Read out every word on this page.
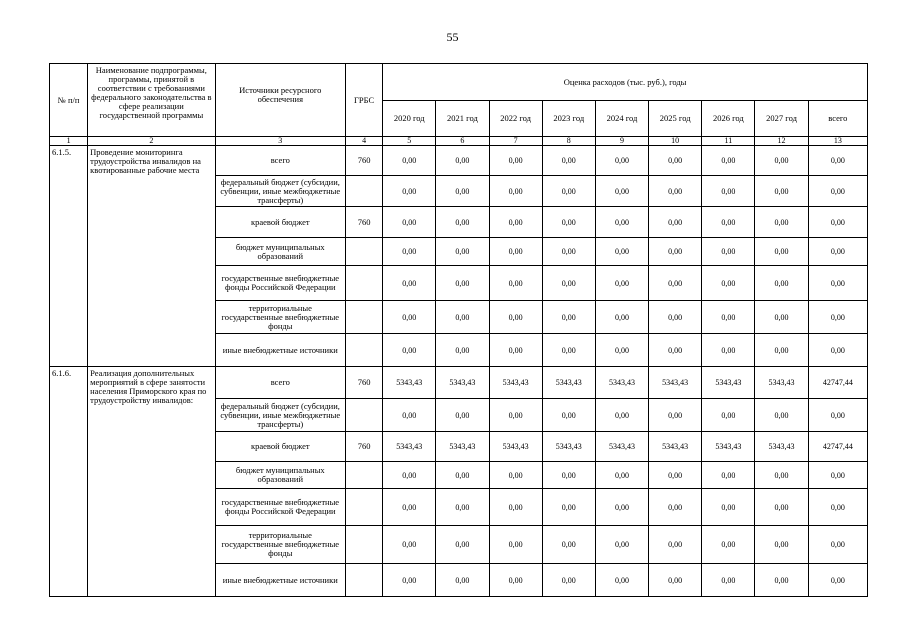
55
№ п/п	Наименование подпрограммы, программы, принятой в соответствии с требованиями федерального законодательства в сфере реализации государственной программы	Источники ресурсного обеспечения	ГРБС	Оценка расходов (тыс. руб.), годы								
				2020 год	2021 год	2022 год	2023 год	2024 год	2025 год	2026 год	2027 год	всего
1	2	3	4	5	6	7	8	9	10	11	12	13
6.1.5.	Проведение мониторинга трудоустройства инвалидов на квотированные рабочие места	всего	760	0,00	0,00	0,00	0,00	0,00	0,00	0,00	0,00	0,00
		федеральный бюджет (субсидии, субвенции, иные межбюджетные трансферты)		0,00	0,00	0,00	0,00	0,00	0,00	0,00	0,00	0,00
		краевой бюджет	760	0,00	0,00	0,00	0,00	0,00	0,00	0,00	0,00	0,00
		бюджет муниципальных образований		0,00	0,00	0,00	0,00	0,00	0,00	0,00	0,00	0,00
		государственные внебюджетные фонды Российской Федерации		0,00	0,00	0,00	0,00	0,00	0,00	0,00	0,00	0,00
		территориальные государственные внебюджетные фонды		0,00	0,00	0,00	0,00	0,00	0,00	0,00	0,00	0,00
		иные внебюджетные источники		0,00	0,00	0,00	0,00	0,00	0,00	0,00	0,00	0,00
6.1.6.	Реализация дополнительных мероприятий в сфере занятости населения Приморского края по трудоустройству инвалидов:	всего	760	5343,43	5343,43	5343,43	5343,43	5343,43	5343,43	5343,43	5343,43	42747,44
		федеральный бюджет (субсидии, субвенции, иные межбюджетные трансферты)		0,00	0,00	0,00	0,00	0,00	0,00	0,00	0,00	0,00
		краевой бюджет	760	5343,43	5343,43	5343,43	5343,43	5343,43	5343,43	5343,43	5343,43	42747,44
		бюджет муниципальных образований		0,00	0,00	0,00	0,00	0,00	0,00	0,00	0,00	0,00
		государственные внебюджетные фонды Российской Федерации		0,00	0,00	0,00	0,00	0,00	0,00	0,00	0,00	0,00
		территориальные государственные внебюджетные фонды		0,00	0,00	0,00	0,00	0,00	0,00	0,00	0,00	0,00
		иные внебюджетные источники		0,00	0,00	0,00	0,00	0,00	0,00	0,00	0,00	0,00
